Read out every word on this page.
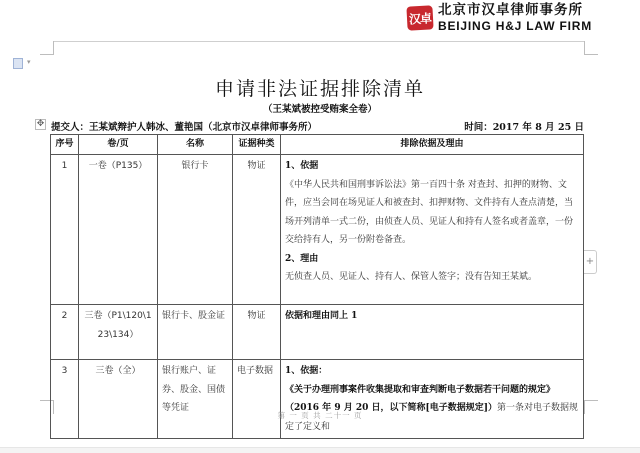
汉卓
北京市汉卓律师事务所
BEIJING H&J LAW FIRM
▾
申请非法证据排除清单
（王某斌被控受贿案全卷）
✥ 提交人：王某斌辩护人韩冰、董艳国（北京市汉卓律师事务所）	时间：2017 年 8 月 25 日
序号	卷/页	名称	证据种类	排除依据及理由
1	一卷（P135）	银行卡	物证	1、依据
《中华人民共和国刑事诉讼法》第一百四十条 对查封、扣押的财物、文件，应当会同在场见证人和被查封、扣押财物、文件持有人查点清楚，当场开列清单一式二份，由侦查人员、见证人和持有人签名或者盖章，一份交给持有人，另一份附卷备查。
2、理由
无侦查人员、见证人、持有人、保管人签字；没有告知王某斌。

2	三卷（P1\120\123\134）	银行卡、股金证	物证	依据和理由同上 1

3	三卷（全）	银行账户、证券、股金、国债等凭证	电子数据	1、依据：
《关于办理刑事案件收集提取和审查判断电子数据若干问题的规定》（2016 年 9 月 20 日，以下简称[电子数据规定]）第一条对电子数据规定了定义和
+
第 一 页 共 二十一 页
